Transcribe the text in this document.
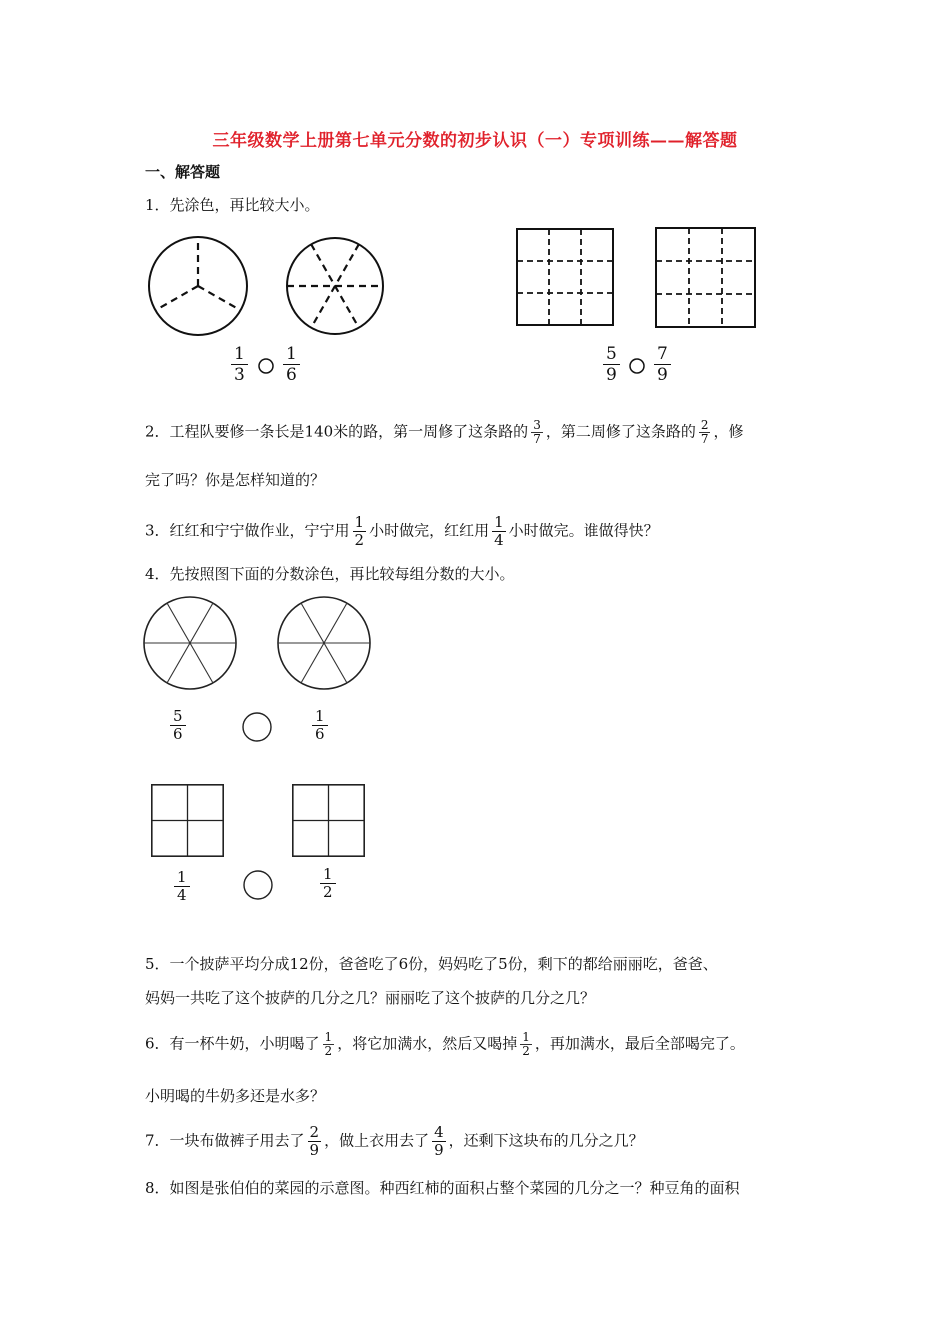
三年级数学上册第七单元分数的初步认识（一）专项训练——解答题
一、解答题
1．先涂色，再比较大小。
$\frac{1}{3} \frac{1}{6}$	$\frac{5}{9} \frac{7}{9}$
2．工程队要修一条长是140米的路，第一周修了这条路的 $\frac{3}{7}$ ，第二周修了这条路的 $\frac{2}{7}$ ，修
完了吗？你是怎样知道的？
3．红红和宁宁做作业，宁宁用 $\frac{1}{2}$ 小时做完，红红用 $\frac{1}{4}$ 小时做完。谁做得快？
4．先按照图下面的分数涂色，再比较每组分数的大小。
$\frac{5}{6}$	$\frac{1}{6}$
$\frac{1}{4}$	$\frac{1}{2}$
5．一个披萨平均分成12份，爸爸吃了6份，妈妈吃了5份，剩下的都给丽丽吃，爸爸、
妈妈一共吃了这个披萨的几分之几？丽丽吃了这个披萨的几分之几？
6．有一杯牛奶，小明喝了 $\frac{1}{2}$ ，将它加满水，然后又喝掉 $\frac{1}{2}$ ，再加满水，最后全部喝完了。
小明喝的牛奶多还是水多？
7．一块布做裤子用去了 $\frac{2}{9}$ ，做上衣用去了 $\frac{4}{9}$ ，还剩下这块布的几分之几？
8．如图是张伯伯的菜园的示意图。种西红柿的面积占整个菜园的几分之一？种豆角的面积
